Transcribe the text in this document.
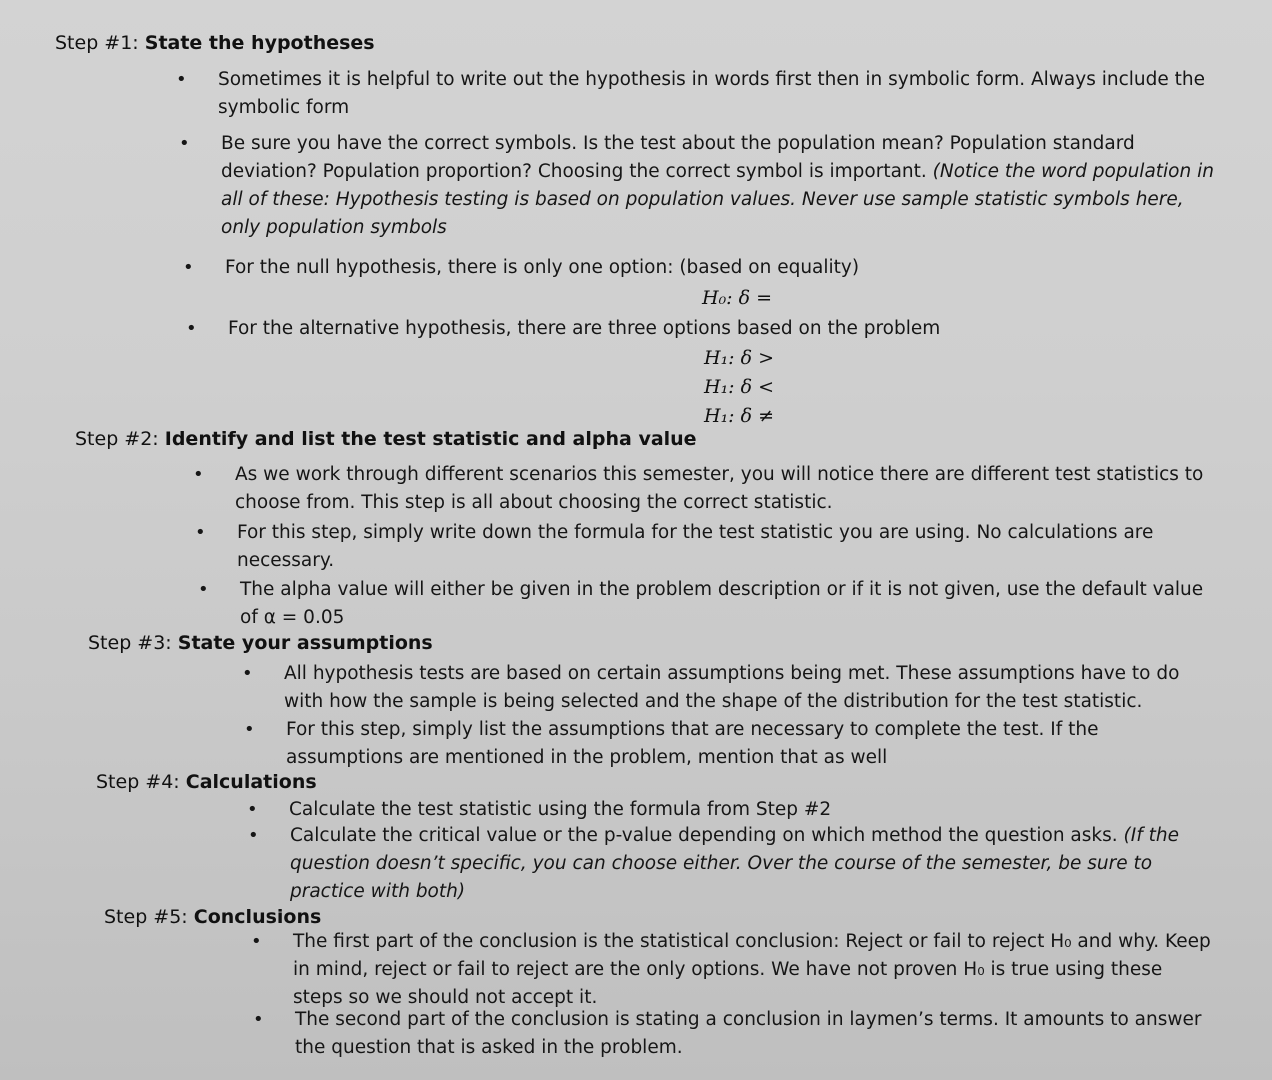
Step #1: State the hypotheses
• Sometimes it is helpful to write out the hypothesis in words first then in symbolic form. Always include the symbolic form
• Be sure you have the correct symbols. Is the test about the population mean? Population standard deviation? Population proportion? Choosing the correct symbol is important. (Notice the word population in all of these: Hypothesis testing is based on population values. Never use sample statistic symbols here, only population symbols
• For the null hypothesis, there is only one option: (based on equality)
H₀: δ =
• For the alternative hypothesis, there are three options based on the problem
H₁: δ >
H₁: δ <
H₁: δ ≠
Step #2: Identify and list the test statistic and alpha value
• As we work through different scenarios this semester, you will notice there are different test statistics to choose from. This step is all about choosing the correct statistic.
• For this step, simply write down the formula for the test statistic you are using. No calculations are necessary.
• The alpha value will either be given in the problem description or if it is not given, use the default value of α = 0.05
Step #3: State your assumptions
• All hypothesis tests are based on certain assumptions being met. These assumptions have to do with how the sample is being selected and the shape of the distribution for the test statistic.
• For this step, simply list the assumptions that are necessary to complete the test. If the assumptions are mentioned in the problem, mention that as well
Step #4: Calculations
• Calculate the test statistic using the formula from Step #2
• Calculate the critical value or the p-value depending on which method the question asks. (If the question doesn’t specific, you can choose either. Over the course of the semester, be sure to practice with both)
Step #5: Conclusions
• The first part of the conclusion is the statistical conclusion: Reject or fail to reject H₀ and why. Keep in mind, reject or fail to reject are the only options. We have not proven H₀ is true using these steps so we should not accept it.
• The second part of the conclusion is stating a conclusion in laymen’s terms. It amounts to answer the question that is asked in the problem.
